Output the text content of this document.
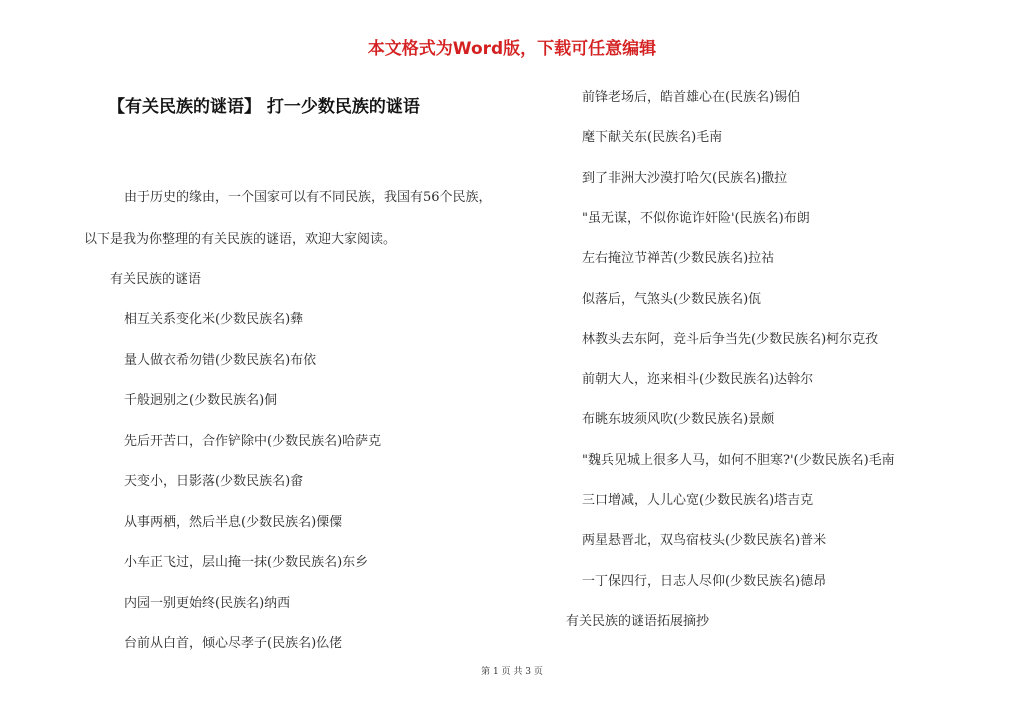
本文格式为Word版，下载可任意编辑
【有关民族的谜语】 打一少数民族的谜语
由于历史的缘由，一个国家可以有不同民族，我国有56个民族，
以下是我为你整理的有关民族的谜语，欢迎大家阅读。
有关民族的谜语
相互关系变化米(少数民族名)彝
量人做衣希勿错(少数民族名)布依
千般迥别之(少数民族名)侗
先后开苦口，合作铲除中(少数民族名)哈萨克
天变小，日影落(少数民族名)畲
从事两栖，然后半息(少数民族名)傈僳
小车正飞过，层山掩一抹(少数民族名)东乡
内园一别更始终(民族名)纳西
台前从白首，倾心尽孝子(民族名)仫佬
前锋老场后，皓首雄心在(民族名)锡伯
麾下献关东(民族名)毛南
到了非洲大沙漠打哈欠(民族名)撒拉
"虽无谋，不似你诡诈奸险'(民族名)布朗
左右掩泣节禅苦(少数民族名)拉祜
似落后，气煞头(少数民族名)佤
林教头去东阿，竞斗后争当先(少数民族名)柯尔克孜
前朝大人，迩来相斗(少数民族名)达斡尔
布眺东坡须风吹(少数民族名)景颇
"魏兵见城上很多人马，如何不胆寒?'(少数民族名)毛南
三口增减，人儿心宽(少数民族名)塔吉克
两星悬晋北，双鸟宿枝头(少数民族名)普米
一丁保四行，日志人尽仰(少数民族名)德昂
有关民族的谜语拓展摘抄
第 1 页 共 3 页
